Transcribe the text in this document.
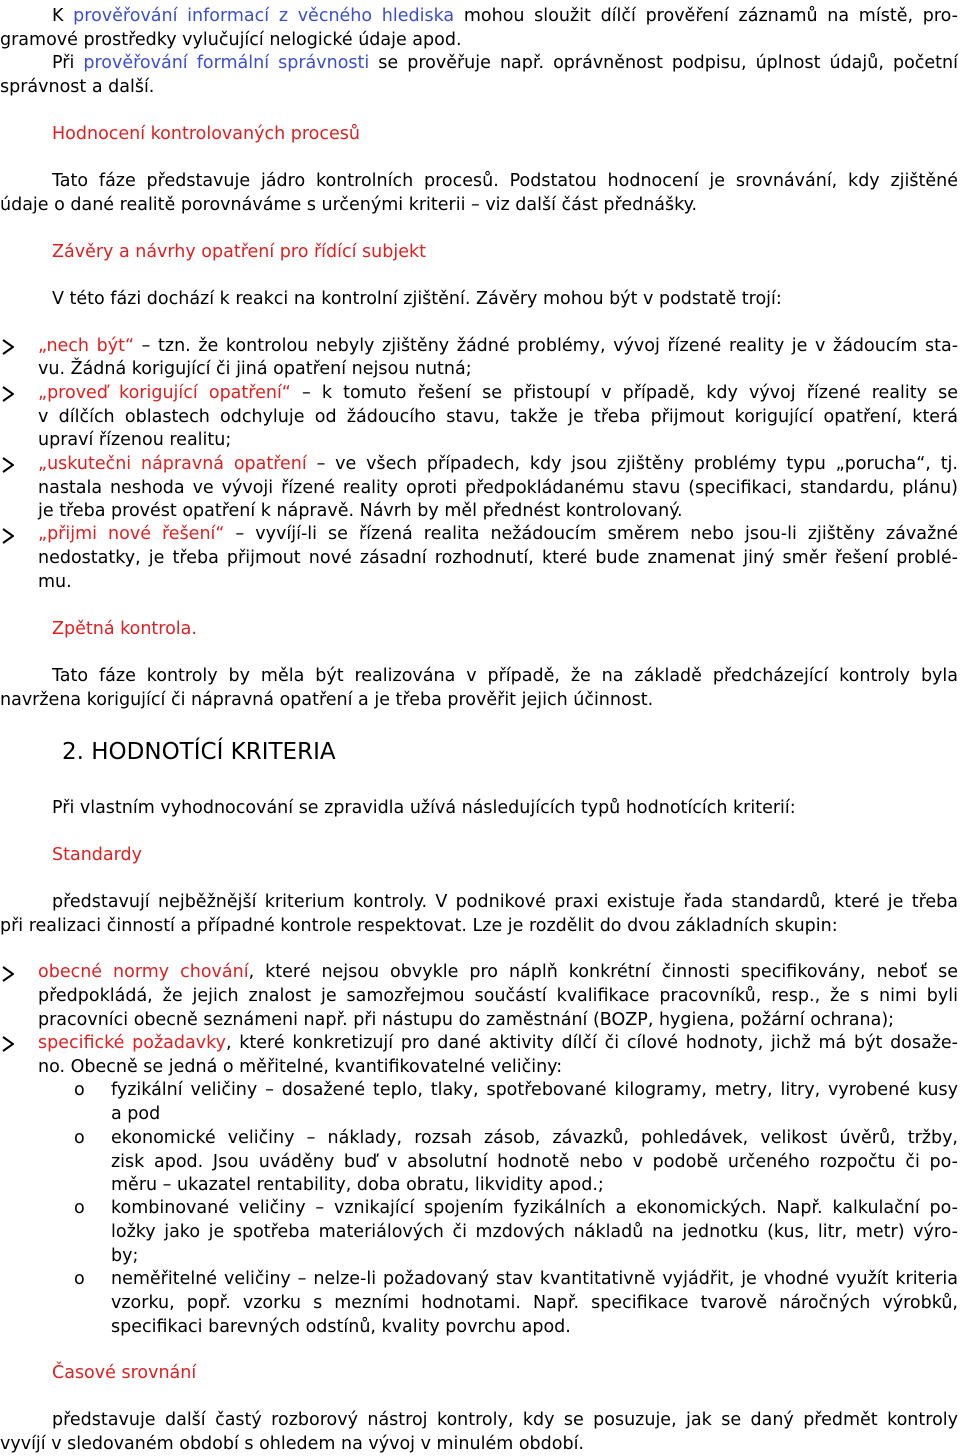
K prověřování informací z věcného hlediska mohou sloužit dílčí prověření záznamů na místě, pro-
gramové prostředky vylučující nelogické údaje apod.
Při prověřování formální správnosti se prověřuje např. oprávněnost podpisu, úplnost údajů, početní
správnost a další.
Hodnocení kontrolovaných procesů
Tato fáze představuje jádro kontrolních procesů. Podstatou hodnocení je srovnávání, kdy zjištěné
údaje o dané realitě porovnáváme s určenými kriterii – viz další část přednášky.
Závěry a návrhy opatření pro řídící subjekt
V této fázi dochází k reakci na kontrolní zjištění. Závěry mohou být v podstatě trojí:
„nech být“ – tzn. že kontrolou nebyly zjištěny žádné problémy, vývoj řízené reality je v žádoucím sta-
vu. Žádná korigující či jiná opatření nejsou nutná;
„proveď korigující opatření“ – k tomuto řešení se přistoupí v případě, kdy vývoj řízené reality se
v dílčích oblastech odchyluje od žádoucího stavu, takže je třeba přijmout korigující opatření, která
upraví řízenou realitu;
„uskutečni nápravná opatření – ve všech případech, kdy jsou zjištěny problémy typu „porucha“, tj.
nastala neshoda ve vývoji řízené reality oproti předpokládanému stavu (specifikaci, standardu, plánu)
je třeba provést opatření k nápravě. Návrh by měl přednést kontrolovaný.
„přijmi nové řešení“ – vyvíjí-li se řízená realita nežádoucím směrem nebo jsou-li zjištěny závažné
nedostatky, je třeba přijmout nové zásadní rozhodnutí, které bude znamenat jiný směr řešení problé-
mu.
Zpětná kontrola.
Tato fáze kontroly by měla být realizována v případě, že na základě předcházející kontroly byla
navržena korigující či nápravná opatření a je třeba prověřit jejich účinnost.
2. HODNOTÍCÍ KRITERIA
Při vlastním vyhodnocování se zpravidla užívá následujících typů hodnotících kriterií:
Standardy
představují nejběžnější kriterium kontroly. V podnikové praxi existuje řada standardů, které je třeba
při realizaci činností a případné kontrole respektovat. Lze je rozdělit do dvou základních skupin:
obecné normy chování, které nejsou obvykle pro náplň konkrétní činnosti specifikovány, neboť se
předpokládá, že jejich znalost je samozřejmou součástí kvalifikace pracovníků, resp., že s nimi byli
pracovníci obecně seznámeni např. při nástupu do zaměstnání (BOZP, hygiena, požární ochrana);
specifické požadavky, které konkretizují pro dané aktivity dílčí či cílové hodnoty, jichž má být dosaže-
no. Obecně se jedná o měřitelné, kvantifikovatelné veličiny:
o fyzikální veličiny – dosažené teplo, tlaky, spotřebované kilogramy, metry, litry, vyrobené kusy
a pod
o ekonomické veličiny – náklady, rozsah zásob, závazků, pohledávek, velikost úvěrů, tržby,
zisk apod. Jsou uváděny buď v absolutní hodnotě nebo v podobě určeného rozpočtu či po-
měru – ukazatel rentability, doba obratu, likvidity apod.;
o kombinované veličiny – vznikající spojením fyzikálních a ekonomických. Např. kalkulační po-
ložky jako je spotřeba materiálových či mzdových nákladů na jednotku (kus, litr, metr) výro-
by;
o neměřitelné veličiny – nelze-li požadovaný stav kvantitativně vyjádřit, je vhodné využít kriteria
vzorku, popř. vzorku s mezními hodnotami. Např. specifikace tvarově náročných výrobků,
specifikaci barevných odstínů, kvality povrchu apod.
Časové srovnání
představuje další častý rozborový nástroj kontroly, kdy se posuzuje, jak se daný předmět kontroly
vyvíjí v sledovaném období s ohledem na vývoj v minulém období.
